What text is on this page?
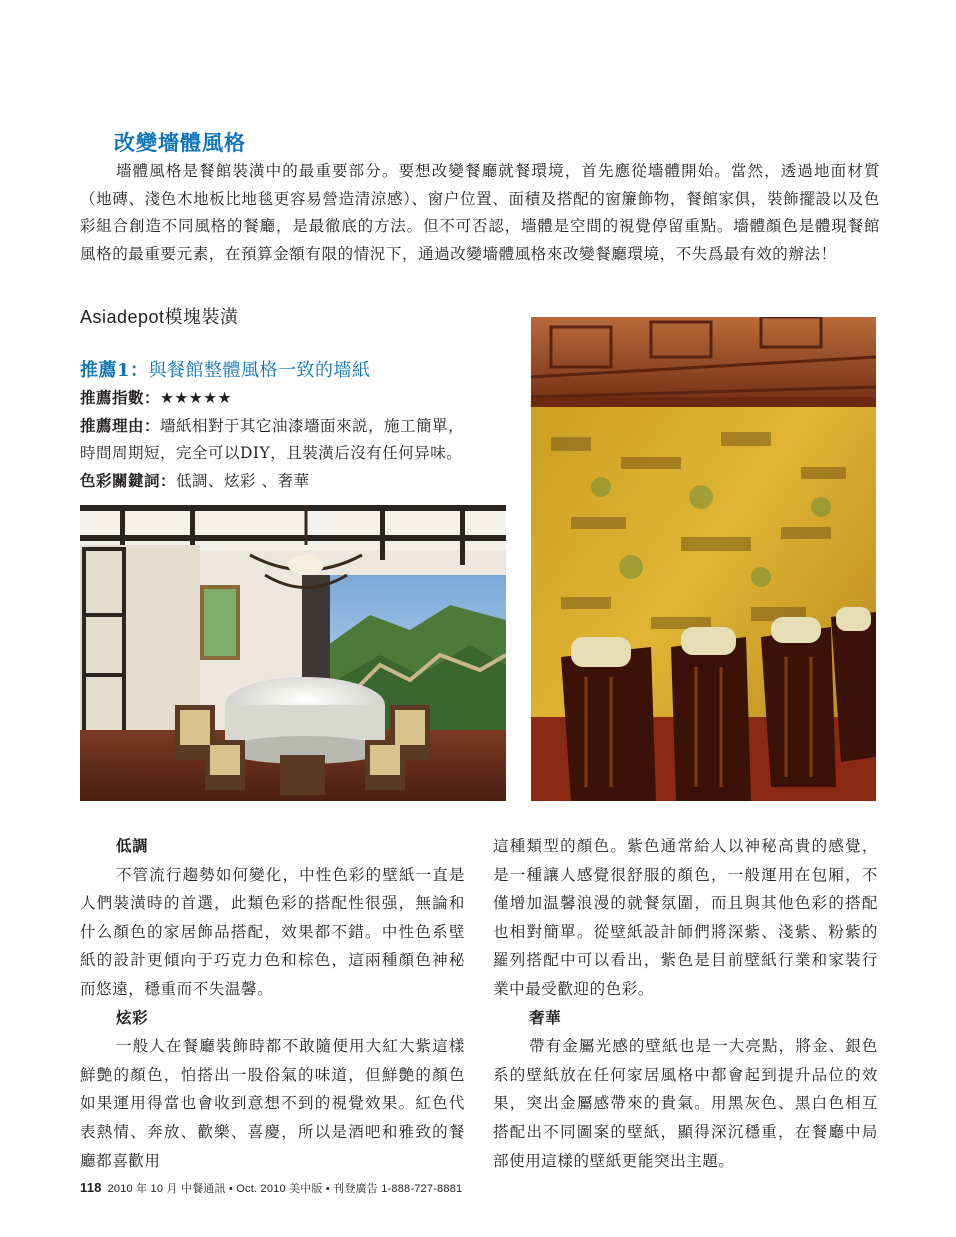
改變墻體風格
墻體風格是餐館裝潢中的最重要部分。要想改變餐廳就餐環境，首先應從墻體開始。當然，透過地面材質（地磚、淺色木地板比地毯更容易營造清涼感）、窗户位置、面積及搭配的窗簾飾物，餐館家俱，裝飾擺設以及色彩組合創造不同風格的餐廳，是最徹底的方法。但不可否認，墻體是空間的視覺停留重點。墻體顏色是體現餐館風格的最重要元素，在預算金額有限的情況下，通過改變墻體風格來改變餐廳環境，不失爲最有效的辦法！
Asiadepot模塊裝潢
推薦1：與餐館整體風格一致的墻紙

推薦指數：★★★★★

推薦理由：墻紙相對于其它油漆墻面來説，施工簡單，時間周期短，完全可以DIY，且裝潢后沒有任何异味。

色彩關鍵詞：低調、炫彩 、奢華

低調

不管流行趨勢如何變化，中性色彩的壁紙一直是人們裝潢時的首選，此類色彩的搭配性很强，無論和什么顏色的家居飾品搭配，效果都不錯。中性色系壁紙的設計更傾向于巧克力色和棕色，這兩種顏色神秘而悠遠，穩重而不失温馨。

炫彩

一般人在餐廳裝飾時都不敢隨便用大紅大紫這樣鮮艶的顏色，怕搭出一股俗氣的味道，但鮮艶的顏色如果運用得當也會收到意想不到的視覺效果。紅色代表熱情、奔放、歡樂、喜慶，所以是酒吧和雅致的餐廳都喜歡用

這種類型的顏色。紫色通常給人以神秘高貴的感覺，是一種讓人感覺很舒服的顏色，一般運用在包厢，不僅增加温馨浪漫的就餐氛圍，而且與其他色彩的搭配也相對簡單。從壁紙設計師們將深紫、淺紫、粉紫的羅列搭配中可以看出，紫色是目前壁紙行業和家裝行業中最受歡迎的色彩。

奢華

帶有金屬光感的壁紙也是一大亮點，將金、銀色系的壁紙放在任何家居風格中都會起到提升品位的效果，突出金屬感帶來的貴氣。用黑灰色、黑白色相互搭配出不同圖案的壁紙，顯得深沉穩重，在餐廳中局部使用這樣的壁紙更能突出主題。

118 2010 年 10 月 中餐通訊 • Oct. 2010 美中版 • 刊登廣告 1-888-727-8881
